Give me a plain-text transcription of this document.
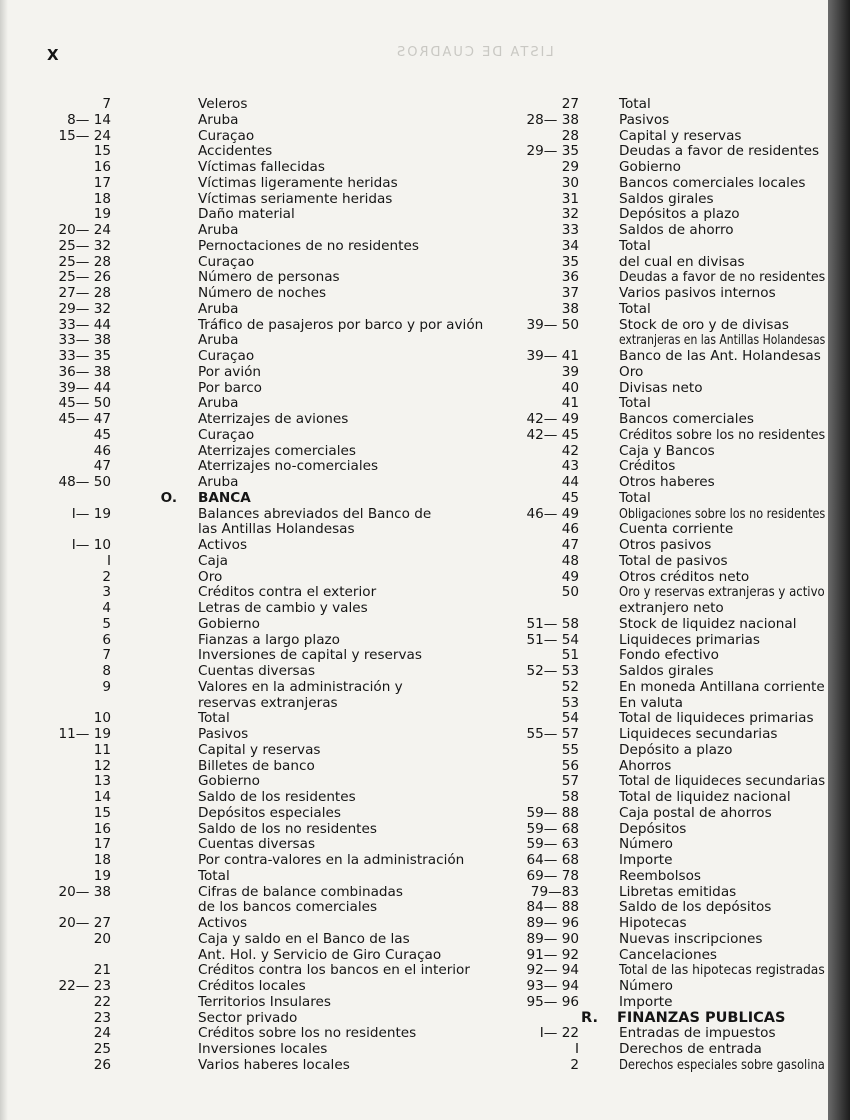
X	LISTA DE CUADROS
7	Veleros
8— 14	Aruba
15— 24	Curaçao
15	Accidentes
16	Víctimas fallecidas
17	Víctimas ligeramente heridas
18	Víctimas seriamente heridas
19	Daño material
20— 24	Aruba
25— 32	Pernoctaciones de no residentes
25— 28	Curaçao
25— 26	Número de personas
27— 28	Número de noches
29— 32	Aruba
33— 44	Tráfico de pasajeros por barco y por avión
33— 38	Aruba
33— 35	Curaçao
36— 38	Por avión
39— 44	Por barco
45— 50	Aruba
45— 47	Aterrizajes de aviones
45	Curaçao
46	Aterrizajes comerciales
47	Aterrizajes no-comerciales
48— 50	Aruba
O. BANCA
I— 19	Balances abreviados del Banco de
las Antillas Holandesas
I— 10	Activos
I	Caja
2	Oro
3	Créditos contra el exterior
4	Letras de cambio y vales
5	Gobierno
6	Fianzas a largo plazo
7	Inversiones de capital y reservas
8	Cuentas diversas
9	Valores en la administración y
reservas extranjeras
10	Total
11— 19	Pasivos
11	Capital y reservas
12	Billetes de banco
13	Gobierno
14	Saldo de los residentes
15	Depósitos especiales
16	Saldo de los no residentes
17	Cuentas diversas
18	Por contra-valores en la administración
19	Total
20— 38	Cifras de balance combinadas
de los bancos comerciales
20— 27	Activos
20	Caja y saldo en el Banco de las
Ant. Hol. y Servicio de Giro Curaçao
21	Créditos contra los bancos en el interior
22— 23	Créditos locales
22	Territorios Insulares
23	Sector privado
24	Créditos sobre los no residentes
25	Inversiones locales
26	Varios haberes locales
27	Total
28— 38	Pasivos
28	Capital y reservas
29— 35	Deudas a favor de residentes
29	Gobierno
30	Bancos comerciales locales
31	Saldos girales
32	Depósitos a plazo
33	Saldos de ahorro
34	Total
35	del cual en divisas
36	Deudas a favor de no residentes
37	Varios pasivos internos
38	Total
39— 50	Stock de oro y de divisas
extranjeras en las Antillas Holandesas
39— 41	Banco de las Ant. Holandesas
39	Oro
40	Divisas neto
41	Total
42— 49	Bancos comerciales
42— 45	Créditos sobre los no residentes
42	Caja y Bancos
43	Créditos
44	Otros haberes
45	Total
46— 49	Obligaciones sobre los no residentes
46	Cuenta corriente
47	Otros pasivos
48	Total de pasivos
49	Otros créditos neto
50	Oro y reservas extranjeras y activo
extranjero neto
51— 58	Stock de liquidez nacional
51— 54	Liquideces primarias
51	Fondo efectivo
52— 53	Saldos girales
52	En moneda Antillana corriente
53	En valuta
54	Total de liquideces primarias
55— 57	Liquideces secundarias
55	Depósito a plazo
56	Ahorros
57	Total de liquideces secundarias
58	Total de liquidez nacional
59— 88	Caja postal de ahorros
59— 68	Depósitos
59— 63	Número
64— 68	Importe
69— 78	Reembolsos
79—83	Libretas emitidas
84— 88	Saldo de los depósitos
89— 96	Hipotecas
89— 90	Nuevas inscripciones
91— 92	Cancelaciones
92— 94	Total de las hipotecas registradas
93— 94	Número
95— 96	Importe
R. FINANZAS PUBLICAS
I— 22	Entradas de impuestos
I	Derechos de entrada
2	Derechos especiales sobre gasolina
